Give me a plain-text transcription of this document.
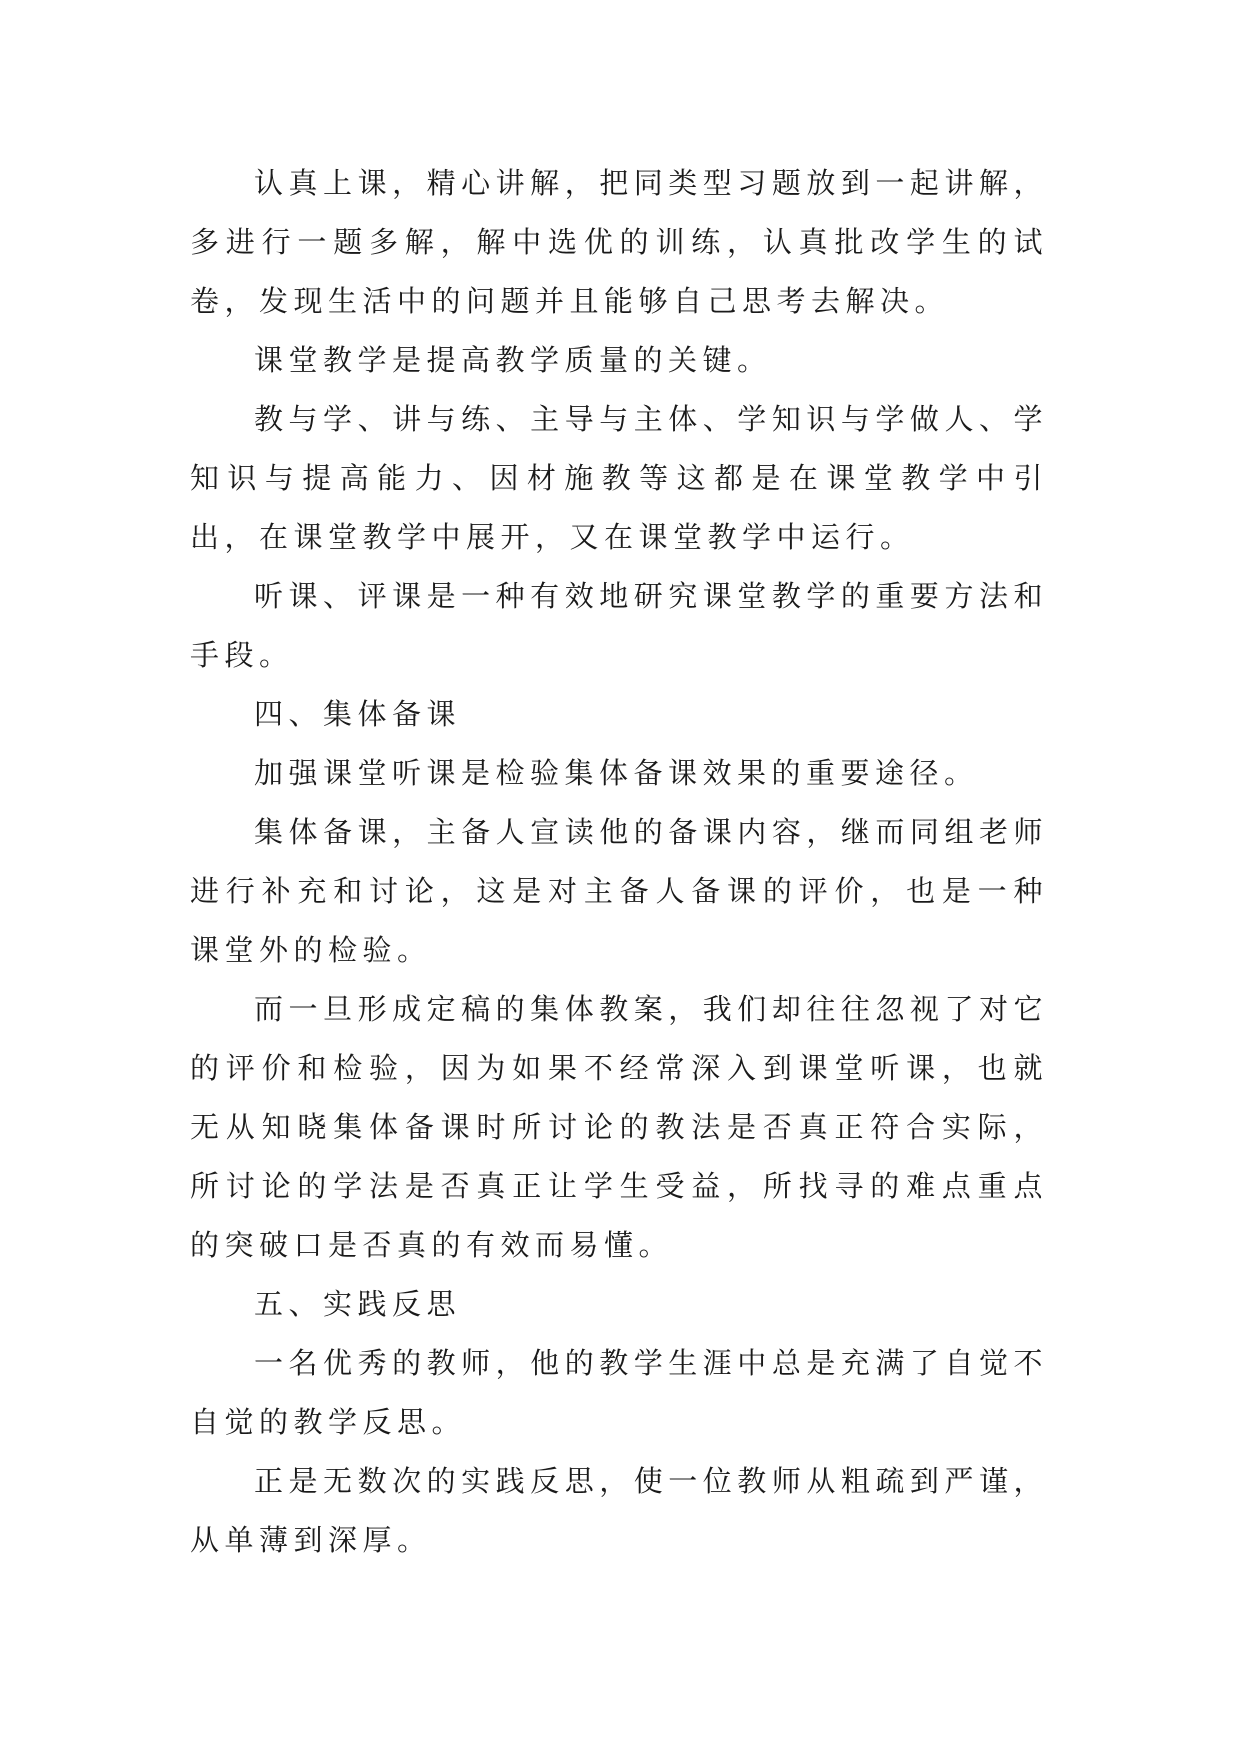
认真上课，精心讲解，把同类型习题放到一起讲解，多进行一题多解，解中选优的训练，认真批改学生的试卷，发现生活中的问题并且能够自己思考去解决。

课堂教学是提高教学质量的关键。

教与学、讲与练、主导与主体、学知识与学做人、学知识与提高能力、因材施教等这都是在课堂教学中引出，在课堂教学中展开，又在课堂教学中运行。

听课、评课是一种有效地研究课堂教学的重要方法和手段。

四、集体备课

加强课堂听课是检验集体备课效果的重要途径。

集体备课，主备人宣读他的备课内容，继而同组老师进行补充和讨论，这是对主备人备课的评价，也是一种课堂外的检验。

而一旦形成定稿的集体教案，我们却往往忽视了对它的评价和检验，因为如果不经常深入到课堂听课，也就无从知晓集体备课时所讨论的教法是否真正符合实际，所讨论的学法是否真正让学生受益，所找寻的难点重点的突破口是否真的有效而易懂。

五、实践反思

一名优秀的教师，他的教学生涯中总是充满了自觉不自觉的教学反思。

正是无数次的实践反思，使一位教师从粗疏到严谨，从单薄到深厚。
